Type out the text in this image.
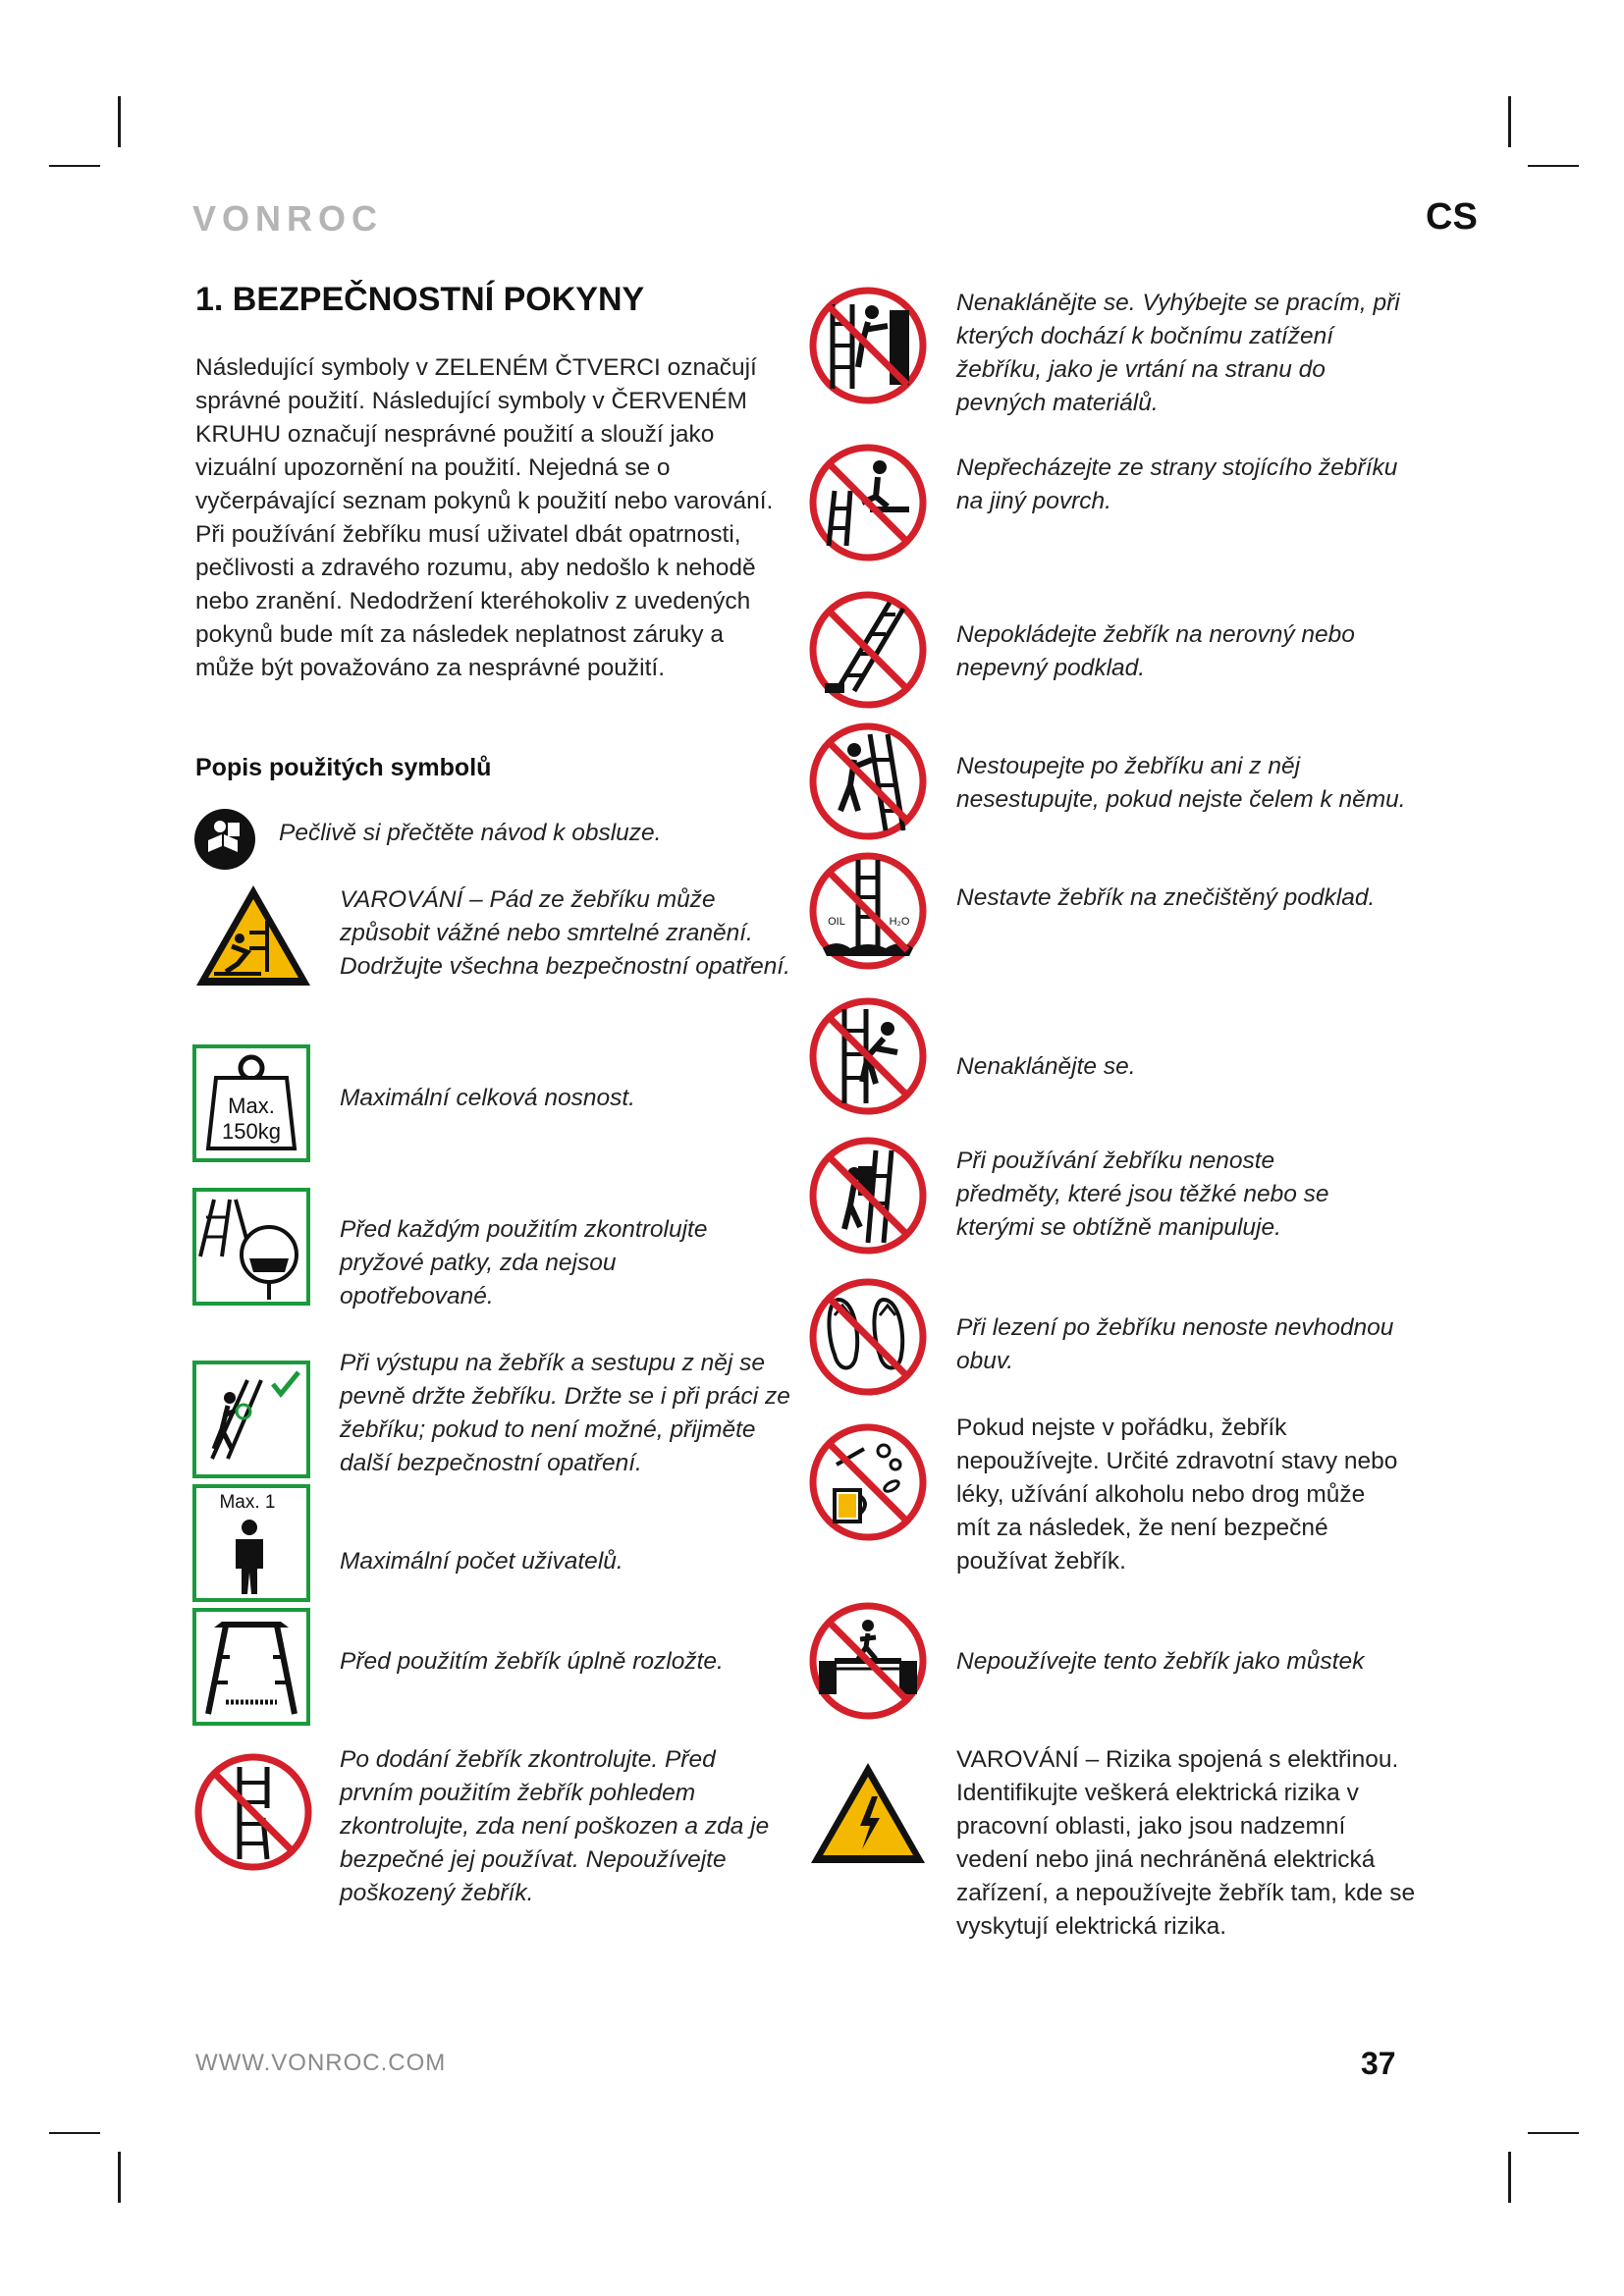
VONROC	CS
1. BEZPEČNOSTNÍ POKYNY

Následující symboly v ZELENÉM ČTVERCI označují správné použití. Následující symboly v ČERVENÉM KRUHU označují nesprávné použití a slouží jako vizuální upozornění na použití. Nejedná se o vyčerpávající seznam pokynů k použití nebo varování. Při používání žebříku musí uživatel dbát opatrnosti, pečlivosti a zdravého rozumu, aby nedošlo k nehodě nebo zranění. Nedodržení kteréhokoliv z uvedených pokynů bude mít za následek neplatnost záruky a může být považováno za nesprávné použití.

Popis použitých symbolů

Pečlivě si přečtěte návod k obsluze.

VAROVÁNÍ – Pád ze žebříku může způsobit vážné nebo smrtelné zranění. Dodržujte všechna bezpečnostní opatření.

Max.
150kg

Maximální celková nosnost.

Před každým použitím zkontrolujte pryžové patky, zda nejsou opotřebované.

Při výstupu na žebřík a sestupu z něj se pevně držte žebříku. Držte se i při práci ze žebříku; pokud to není možné, přijměte další bezpečnostní opatření.

Max. 1

Maximální počet uživatelů.

Před použitím žebřík úplně rozložte.

Po dodání žebřík zkontrolujte. Před prvním použitím žebřík pohledem zkontrolujte, zda není poškozen a zda je bezpečné jej používat. Nepoužívejte poškozený žebřík.

Nenaklánějte se. Vyhýbejte se pracím, při kterých dochází k bočnímu zatížení žebříku, jako je vrtání na stranu do pevných materiálů.

Nepřecházejte ze strany stojícího žebříku na jiný povrch.

Nepokládejte žebřík na nerovný nebo nepevný podklad.

Nestoupejte po žebříku ani z něj nesestupujte, pokud nejste čelem k němu.

OIL	H₂O

Nestavte žebřík na znečištěný podklad.

Nenaklánějte se.

Při používání žebříku nenoste předměty, které jsou těžké nebo se kterými se obtížně manipuluje.

Při lezení po žebříku nenoste nevhodnou obuv.

Pokud nejste v pořádku, žebřík nepoužívejte. Určité zdravotní stavy nebo léky, užívání alkoholu nebo drog může mít za následek, že není bezpečné používat žebřík.

Nepoužívejte tento žebřík jako můstek

VAROVÁNÍ – Rizika spojená s elektřinou. Identifikujte veškerá elektrická rizika v pracovní oblasti, jako jsou nadzemní vedení nebo jiná nechráněná elektrická zařízení, a nepoužívejte žebřík tam, kde se vyskytují elektrická rizika.

WWW.VONROC.COM	37
